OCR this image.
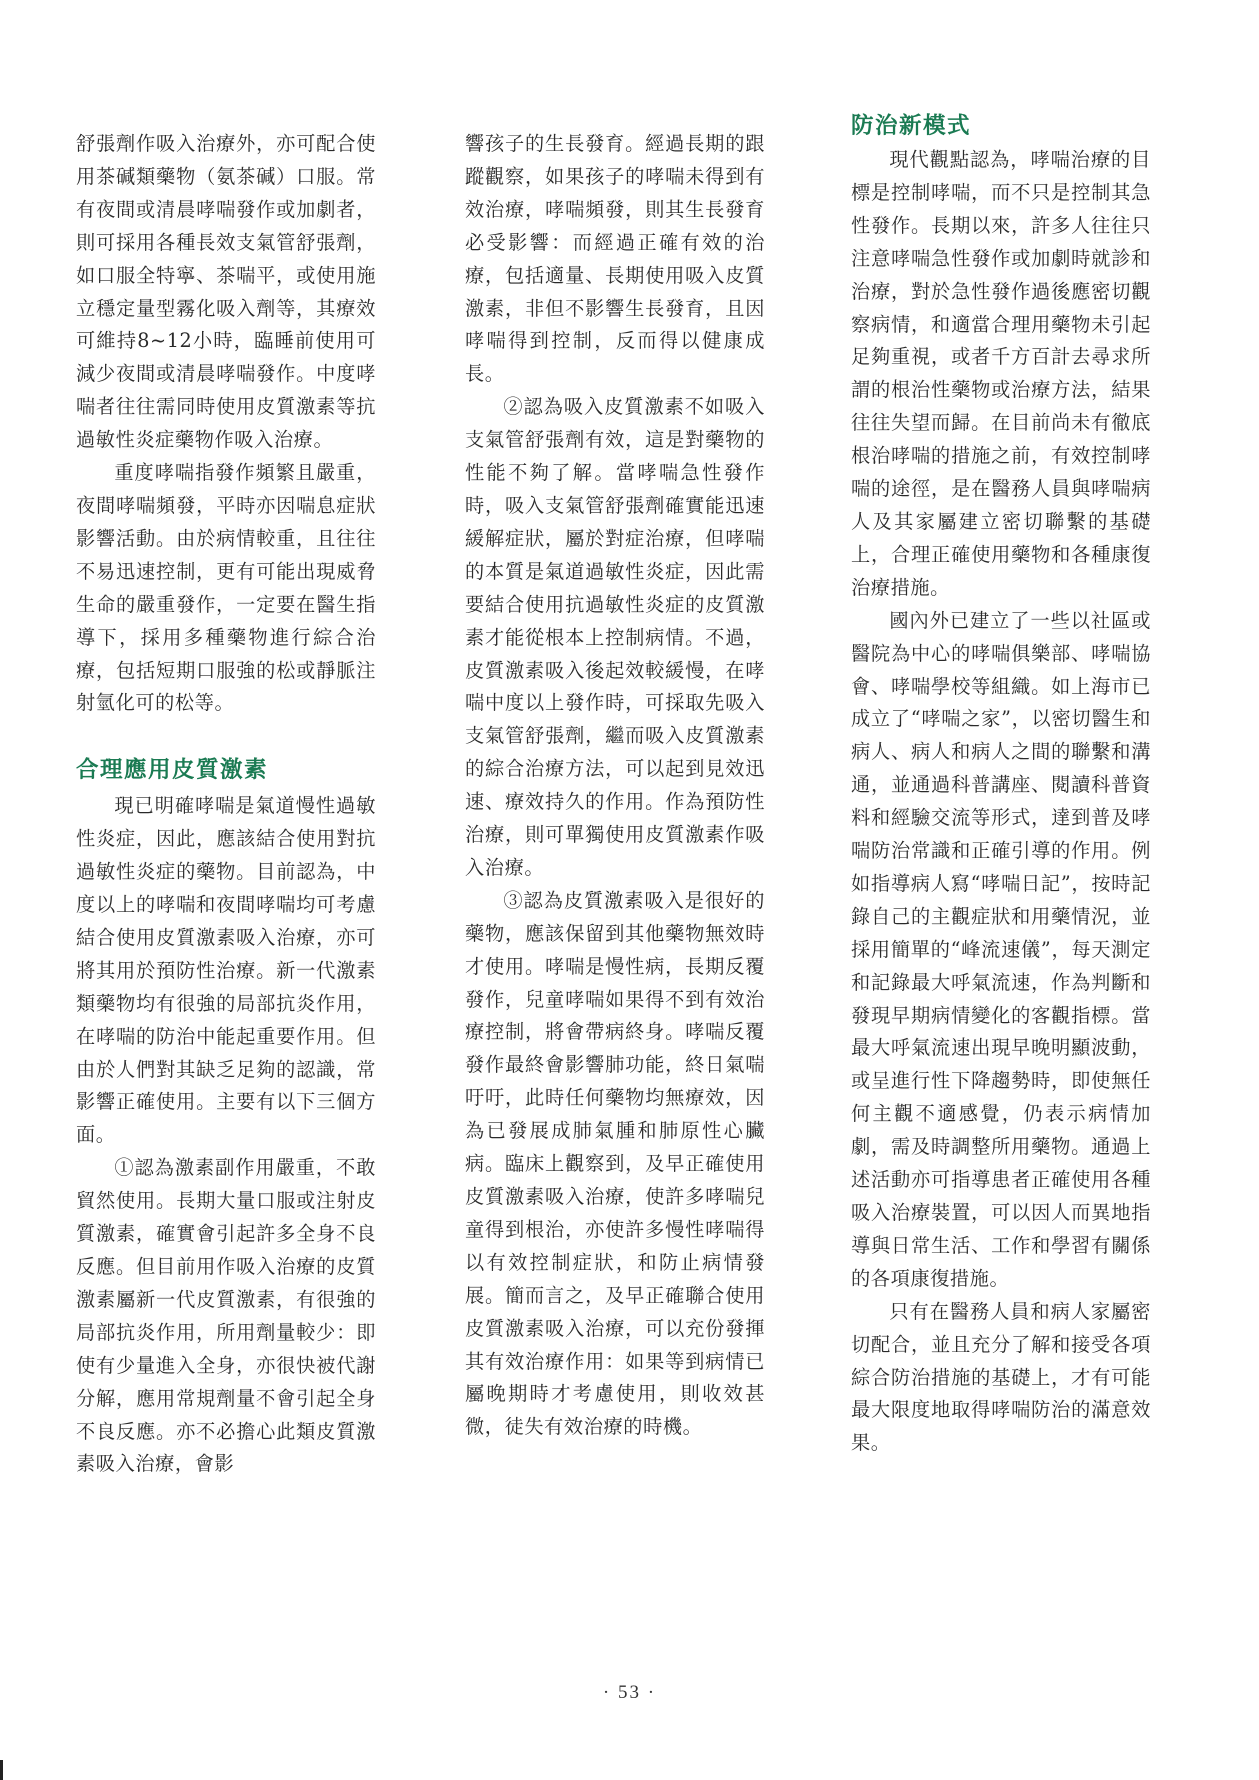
舒張劑作吸入治療外，亦可配合使用茶碱類藥物（氨茶碱）口服。常有夜間或清晨哮喘發作或加劇者，則可採用各種長效支氣管舒張劑，如口服全特寧、茶喘平，或使用施立穩定量型霧化吸入劑等，其療效可維持8~12小時，臨睡前使用可減少夜間或清晨哮喘發作。中度哮喘者往往需同時使用皮質激素等抗過敏性炎症藥物作吸入治療。

重度哮喘指發作頻繁且嚴重，夜間哮喘頻發，平時亦因喘息症狀影響活動。由於病情較重，且往往不易迅速控制，更有可能出現威脅生命的嚴重發作，一定要在醫生指導下，採用多種藥物進行綜合治療，包括短期口服強的松或靜脈注射氫化可的松等。

合理應用皮質激素

現已明確哮喘是氣道慢性過敏性炎症，因此，應該結合使用對抗過敏性炎症的藥物。目前認為，中度以上的哮喘和夜間哮喘均可考慮結合使用皮質激素吸入治療，亦可將其用於預防性治療。新一代激素類藥物均有很強的局部抗炎作用，在哮喘的防治中能起重要作用。但由於人們對其缺乏足夠的認識，常影響正確使用。主要有以下三個方面。

①認為激素副作用嚴重，不敢貿然使用。長期大量口服或注射皮質激素，確實會引起許多全身不良反應。但目前用作吸入治療的皮質激素屬新一代皮質激素，有很強的局部抗炎作用，所用劑量較少：即使有少量進入全身，亦很快被代謝分解，應用常規劑量不會引起全身不良反應。亦不必擔心此類皮質激素吸入治療，會影

響孩子的生長發育。經過長期的跟蹤觀察，如果孩子的哮喘未得到有效治療，哮喘頻發，則其生長發育必受影響：而經過正確有效的治療，包括適量、長期使用吸入皮質激素，非但不影響生長發育，且因哮喘得到控制，反而得以健康成長。

②認為吸入皮質激素不如吸入支氣管舒張劑有效，這是對藥物的性能不夠了解。當哮喘急性發作時，吸入支氣管舒張劑確實能迅速緩解症狀，屬於對症治療，但哮喘的本質是氣道過敏性炎症，因此需要結合使用抗過敏性炎症的皮質激素才能從根本上控制病情。不過，皮質激素吸入後起效較緩慢，在哮喘中度以上發作時，可採取先吸入支氣管舒張劑，繼而吸入皮質激素的綜合治療方法，可以起到見效迅速、療效持久的作用。作為預防性治療，則可單獨使用皮質激素作吸入治療。

③認為皮質激素吸入是很好的藥物，應該保留到其他藥物無效時才使用。哮喘是慢性病，長期反覆發作，兒童哮喘如果得不到有效治療控制，將會帶病終身。哮喘反覆發作最終會影響肺功能，終日氣喘吁吁，此時任何藥物均無療效，因為已發展成肺氣腫和肺原性心臟病。臨床上觀察到，及早正確使用皮質激素吸入治療，使許多哮喘兒童得到根治，亦使許多慢性哮喘得以有效控制症狀，和防止病情發展。簡而言之，及早正確聯合使用皮質激素吸入治療，可以充份發揮其有效治療作用：如果等到病情已屬晚期時才考慮使用，則收效甚微，徒失有效治療的時機。

防治新模式

現代觀點認為，哮喘治療的目標是控制哮喘，而不只是控制其急性發作。長期以來，許多人往往只注意哮喘急性發作或加劇時就診和治療，對於急性發作過後應密切觀察病情，和適當合理用藥物未引起足夠重視，或者千方百計去尋求所謂的根治性藥物或治療方法，結果往往失望而歸。在目前尚未有徹底根治哮喘的措施之前，有效控制哮喘的途徑，是在醫務人員與哮喘病人及其家屬建立密切聯繫的基礎上，合理正確使用藥物和各種康復治療措施。

國內外已建立了一些以社區或醫院為中心的哮喘俱樂部、哮喘協會、哮喘學校等組織。如上海市已成立了“哮喘之家”，以密切醫生和病人、病人和病人之間的聯繫和溝通，並通過科普講座、閱讀科普資料和經驗交流等形式，達到普及哮喘防治常識和正確引導的作用。例如指導病人寫“哮喘日記”，按時記錄自己的主觀症狀和用藥情況，並採用簡單的“峰流速儀”，每天測定和記錄最大呼氣流速，作為判斷和發現早期病情變化的客觀指標。當最大呼氣流速出現早晚明顯波動，或呈進行性下降趨勢時，即使無任何主觀不適感覺，仍表示病情加劇，需及時調整所用藥物。通過上述活動亦可指導患者正確使用各種吸入治療裝置，可以因人而異地指導與日常生活、工作和學習有關係的各項康復措施。

只有在醫務人員和病人家屬密切配合，並且充分了解和接受各項綜合防治措施的基礎上，才有可能最大限度地取得哮喘防治的滿意效果。

· 53 ·
